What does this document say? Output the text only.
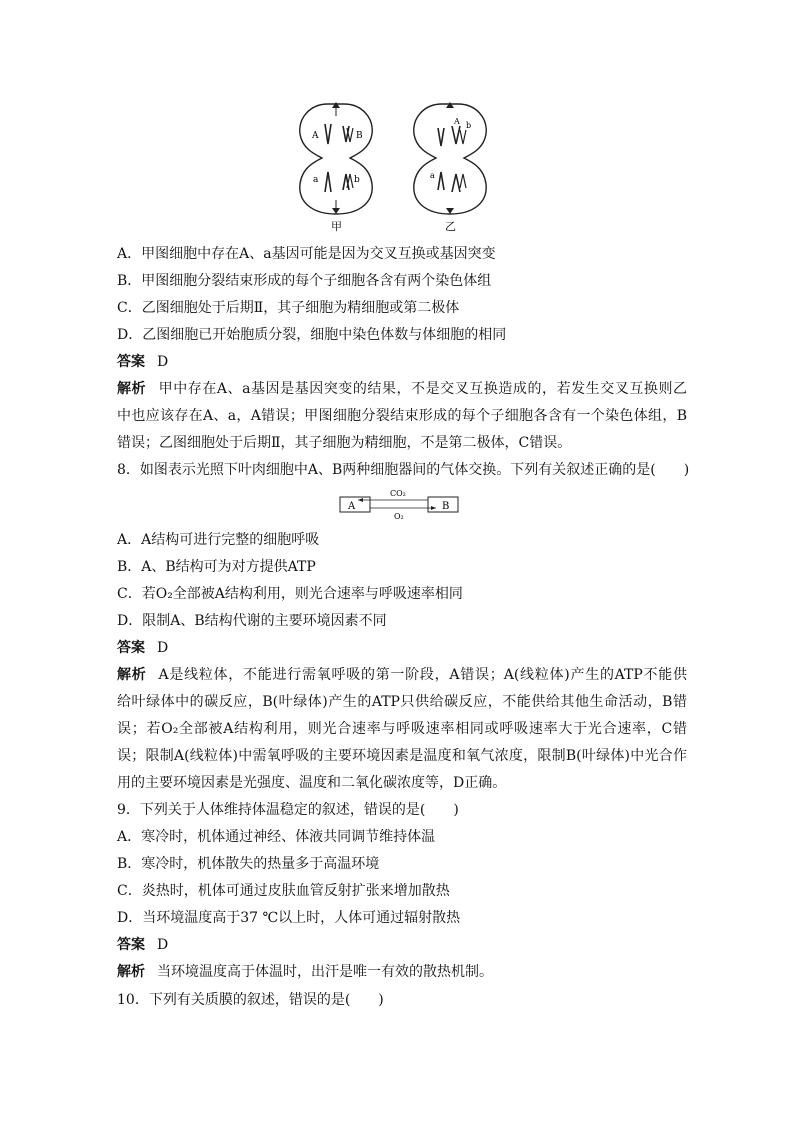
A	B
a	b
甲
A b
a
乙
A．甲图细胞中存在A、a基因可能是因为交叉互换或基因突变
B．甲图细胞分裂结束形成的每个子细胞各含有两个染色体组
C．乙图细胞处于后期Ⅱ，其子细胞为精细胞或第二极体
D．乙图细胞已开始胞质分裂，细胞中染色体数与体细胞的相同
答案 D
解析 甲中存在A、a基因是基因突变的结果，不是交叉互换造成的，若发生交叉互换则乙
中也应该存在A、a，A错误；甲图细胞分裂结束形成的每个子细胞各含有一个染色体组，B
错误；乙图细胞处于后期Ⅱ，其子细胞为精细胞，不是第二极体，C错误。
8．如图表示光照下叶肉细胞中A、B两种细胞器间的气体交换。下列有关叙述正确的是(　　)
A	B
CO₂
O₂
A．A结构可进行完整的细胞呼吸
B．A、B结构可为对方提供ATP
C．若O₂全部被A结构利用，则光合速率与呼吸速率相同
D．限制A、B结构代谢的主要环境因素不同
答案 D
解析 A是线粒体，不能进行需氧呼吸的第一阶段，A错误；A(线粒体)产生的ATP不能供
给叶绿体中的碳反应，B(叶绿体)产生的ATP只供给碳反应，不能供给其他生命活动，B错
误；若O₂全部被A结构利用，则光合速率与呼吸速率相同或呼吸速率大于光合速率，C错
误；限制A(线粒体)中需氧呼吸的主要环境因素是温度和氧气浓度，限制B(叶绿体)中光合作
用的主要环境因素是光强度、温度和二氧化碳浓度等，D正确。
9．下列关于人体维持体温稳定的叙述，错误的是(　　)
A．寒冷时，机体通过神经、体液共同调节维持体温
B．寒冷时，机体散失的热量多于高温环境
C．炎热时，机体可通过皮肤血管反射扩张来增加散热
D．当环境温度高于37 ℃以上时，人体可通过辐射散热
答案 D
解析 当环境温度高于体温时，出汗是唯一有效的散热机制。
10．下列有关质膜的叙述，错误的是(　　)
